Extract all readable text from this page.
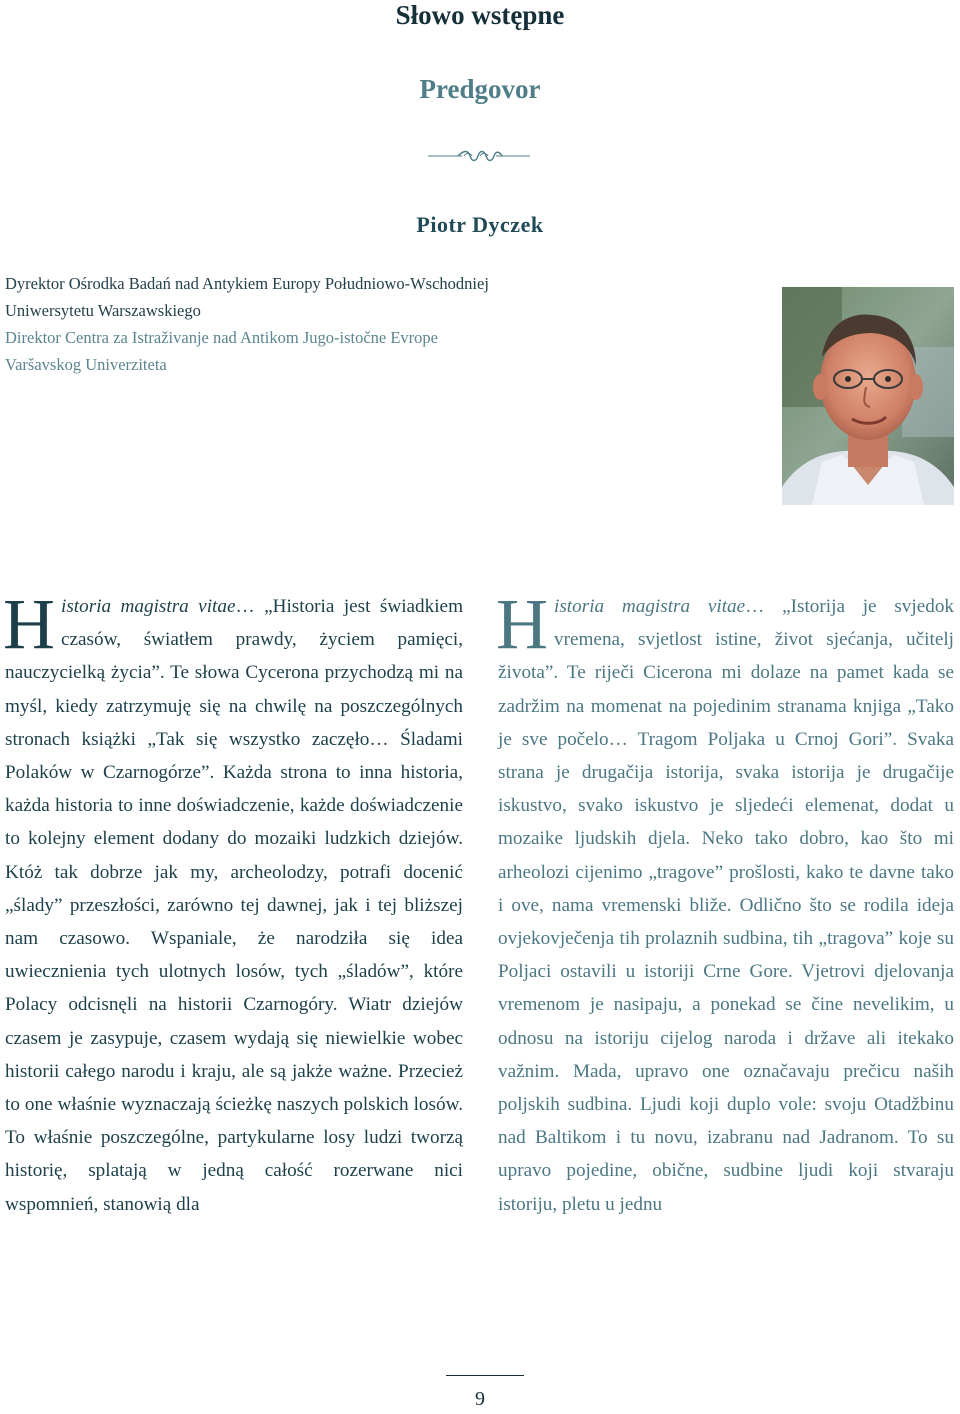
Słowo wstępne
Predgovor
Piotr Dyczek
Dyrektor Ośrodka Badań nad Antykiem Europy Południowo-Wschodniej
Uniwersytetu Warszawskiego
Direktor Centra za Istraživanje nad Antikom Jugo-istočne Evrope
Varšavskog Univerziteta

Historia magistra vitae… „Historia jest świadkiem czasów, światłem prawdy, życiem pamięci, nauczycielką życia”. Te słowa Cycerona przychodzą mi na myśl, kiedy zatrzymuję się na chwilę na poszczególnych stronach książki „Tak się wszystko zaczęło… Śladami Polaków w Czarnogórze”. Każda strona to inna historia, każda historia to inne doświadczenie, każde doświadczenie to kolejny element dodany do mozaiki ludzkich dziejów. Któż tak dobrze jak my, archeolodzy, potrafi docenić „ślady” przeszłości, zarówno tej dawnej, jak i tej bliższej nam czasowo. Wspaniale, że narodziła się idea uwiecznienia tych ulotnych losów, tych „śladów”, które Polacy odcisnęli na historii Czarnogóry. Wiatr dziejów czasem je zasypuje, czasem wydają się niewielkie wobec historii całego narodu i kraju, ale są jakże ważne. Przecież to one właśnie wyznaczają ścieżkę naszych polskich losów. To właśnie poszczególne, partykularne losy ludzi tworzą historię, splatają w jedną całość rozerwane nici wspomnień, stanowią dla

Historia magistra vitae… „Istorija je svjedok vremena, svjetlost istine, život sjećanja, učitelj života”. Te riječi Cicerona mi dolaze na pamet kada se zadržim na momenat na pojedinim stranama knjiga „Tako je sve počelo… Tragom Poljaka u Crnoj Gori”. Svaka strana je drugačija istorija, svaka istorija je drugačije iskustvo, svako iskustvo je sljedeći elemenat, dodat u mozaike ljudskih djela. Neko tako dobro, kao što mi arheolozi cijenimo „tragove” prošlosti, kako te davne tako i ove, nama vremenski bliže. Odlično što se rodila ideja ovjekovječenja tih prolaznih sudbina, tih „tragova” koje su Poljaci ostavili u istoriji Crne Gore. Vjetrovi djelovanja vremenom je nasipaju, a ponekad se čine nevelikim, u odnosu na istoriju cijelog naroda i države ali itekako važnim. Mada, upravo one označavaju prečicu naših poljskih sudbina. Ljudi koji duplo vole: svoju Otadžbinu nad Baltikom i tu novu, izabranu nad Jadranom. To su upravo pojedine, obične, sudbine ljudi koji stvaraju istoriju, pletu u jednu

9
